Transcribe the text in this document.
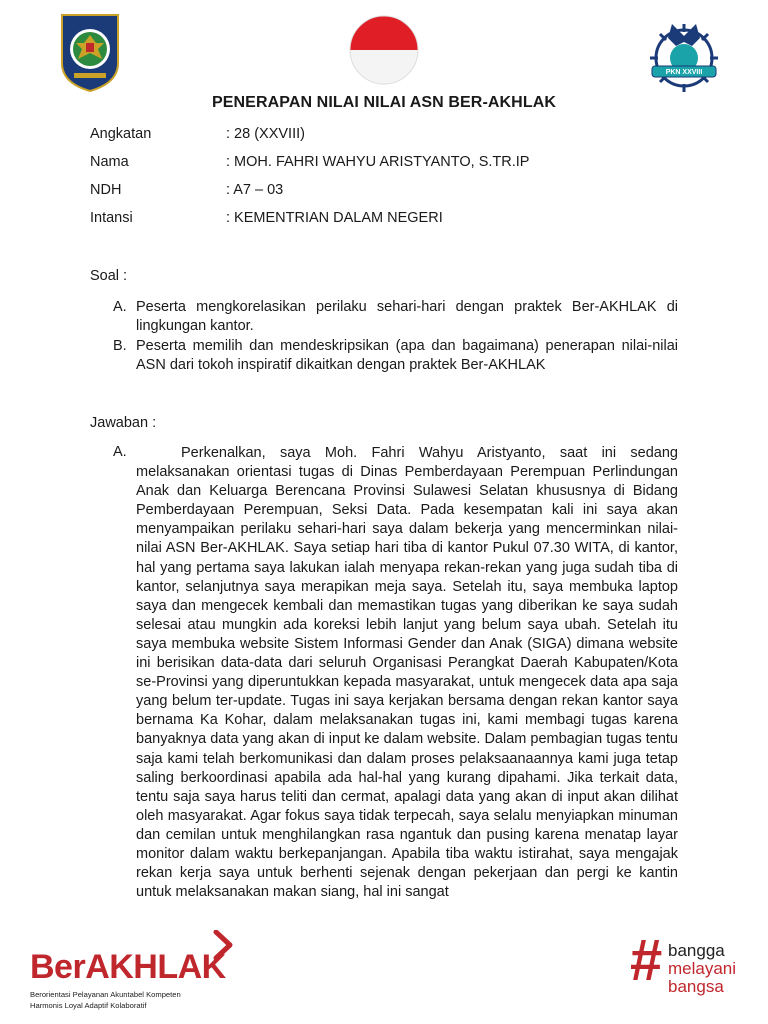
PKN XXVIII
PENERAPAN NILAI NILAI ASN BER-AKHLAK
Angkatan	: 28 (XXVIII)
Nama	: MOH. FAHRI WAHYU ARISTYANTO, S.TR.IP
NDH	: A7 – 03
Intansi	: KEMENTRIAN DALAM NEGERI
Soal :
A. Peserta mengkorelasikan perilaku sehari-hari dengan praktek Ber-AKHLAK di lingkungan kantor.
B. Peserta memilih dan mendeskripsikan (apa dan bagaimana) penerapan nilai-nilai ASN dari tokoh inspiratif dikaitkan dengan praktek Ber-AKHLAK
Jawaban :
A.	Perkenalkan, saya Moh. Fahri Wahyu Aristyanto, saat ini sedang melaksanakan orientasi tugas di Dinas Pemberdayaan Perempuan Perlindungan Anak dan Keluarga Berencana Provinsi Sulawesi Selatan khususnya di Bidang Pemberdayaan Perempuan, Seksi Data. Pada kesempatan kali ini saya akan menyampaikan perilaku sehari-hari saya dalam bekerja yang mencerminkan nilai-nilai ASN Ber-AKHLAK. Saya setiap hari tiba di kantor Pukul 07.30 WITA, di kantor, hal yang pertama saya lakukan ialah menyapa rekan-rekan yang juga sudah tiba di kantor, selanjutnya saya merapikan meja saya. Setelah itu, saya membuka laptop saya dan mengecek kembali dan memastikan tugas yang diberikan ke saya sudah selesai atau mungkin ada koreksi lebih lanjut yang belum saya ubah. Setelah itu saya membuka website Sistem Informasi Gender dan Anak (SIGA) dimana website ini berisikan data-data dari seluruh Organisasi Perangkat Daerah Kabupaten/Kota se-Provinsi yang diperuntukkan kepada masyarakat, untuk mengecek data apa saja yang belum ter-update. Tugas ini saya kerjakan bersama dengan rekan kantor saya bernama Ka Kohar, dalam melaksanakan tugas ini, kami membagi tugas karena banyaknya data yang akan di input ke dalam website. Dalam pembagian tugas tentu saja kami telah berkomunikasi dan dalam proses pelaksaanaannya kami juga tetap saling berkoordinasi apabila ada hal-hal yang kurang dipahami. Jika terkait data, tentu saja saya harus teliti dan cermat, apalagi data yang akan di input akan dilihat oleh masyarakat. Agar fokus saya tidak terpecah, saya selalu menyiapkan minuman dan cemilan untuk menghilangkan rasa ngantuk dan pusing karena menatap layar monitor dalam waktu berkepanjangan. Apabila tiba waktu istirahat, saya mengajak rekan kerja saya untuk berhenti sejenak dengan pekerjaan dan pergi ke kantin untuk melaksanakan makan siang, hal ini sangat
BerAKHLAK
Berorientasi Pelayanan Akuntabel Kompeten
Harmonis Loyal Adaptif Kolaboratif
# bangga
melayani
bangsa
